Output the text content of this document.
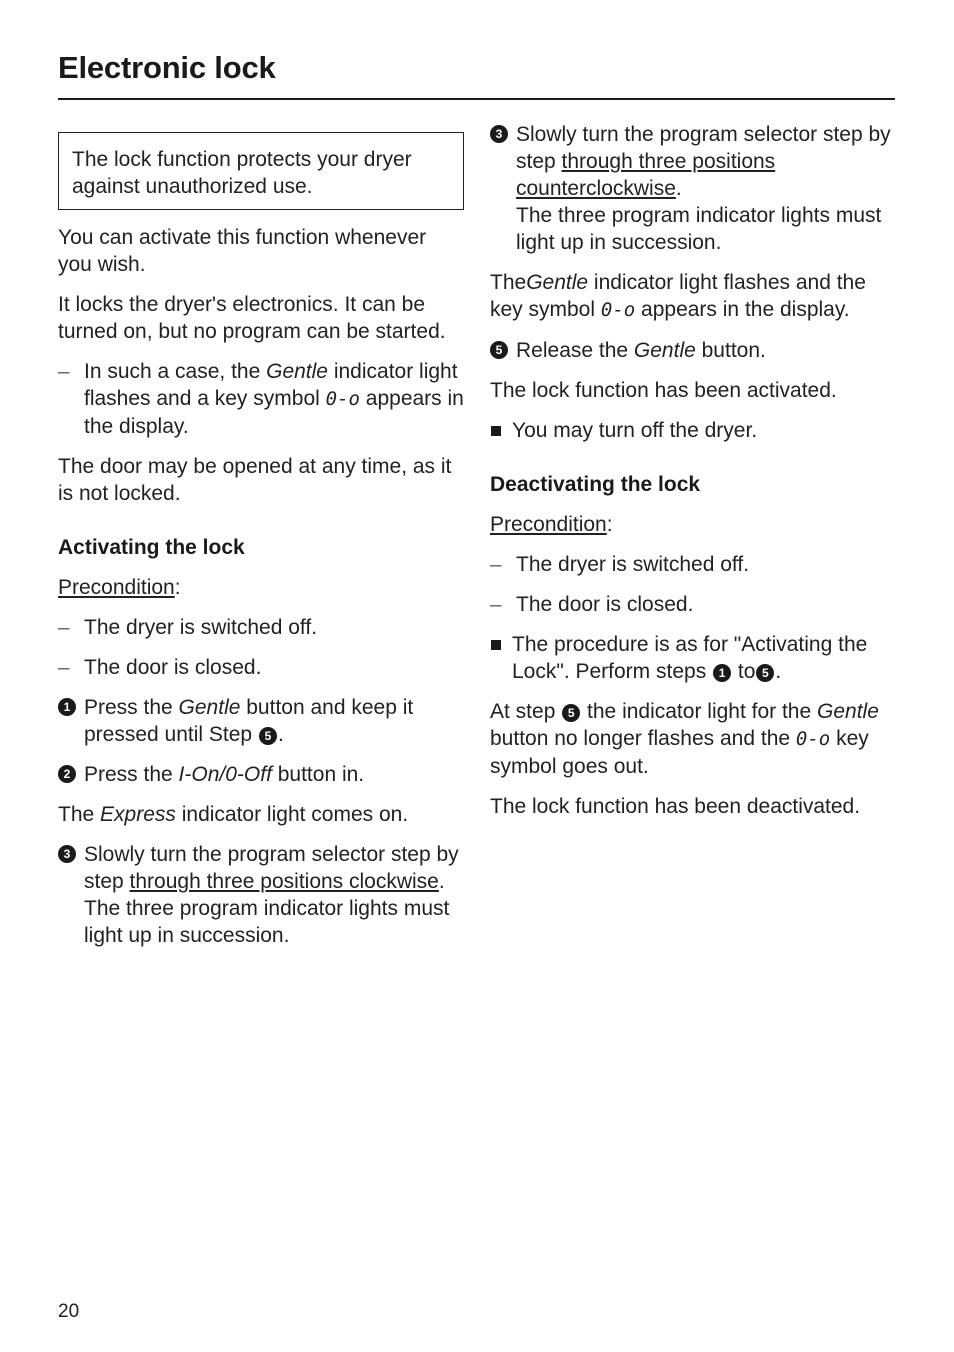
Electronic lock
The lock function protects your dryer against unauthorized use.

You can activate this function whenever you wish.

It locks the dryer's electronics. It can be turned on, but no program can be started.

– In such a case, the Gentle indicator light flashes and a key symbol 0-o appears in the display.

The door may be opened at any time, as it is not locked.

Activating the lock

Precondition:

– The dryer is switched off.

– The door is closed.

1 Press the Gentle button and keep it pressed until Step 5 .

2 Press the I-On/0-Off button in.

The Express indicator light comes on.

3 Slowly turn the program selector step by step through three positions clockwise.
The three program indicator lights must light up in succession.

3 Slowly turn the program selector step by step through three positions counterclockwise.
The three program indicator lights must light up in succession.

TheGentle indicator light flashes and the key symbol 0-o appears in the display.

5 Release the Gentle button.

The lock function has been activated.

You may turn off the dryer.

Deactivating the lock

Precondition:

– The dryer is switched off.

– The door is closed.

The procedure is as for "Activating the Lock". Perform steps 1 to 5 .

At step 5 the indicator light for the Gentle button no longer flashes and the 0-o key symbol goes out.

The lock function has been deactivated.

20
